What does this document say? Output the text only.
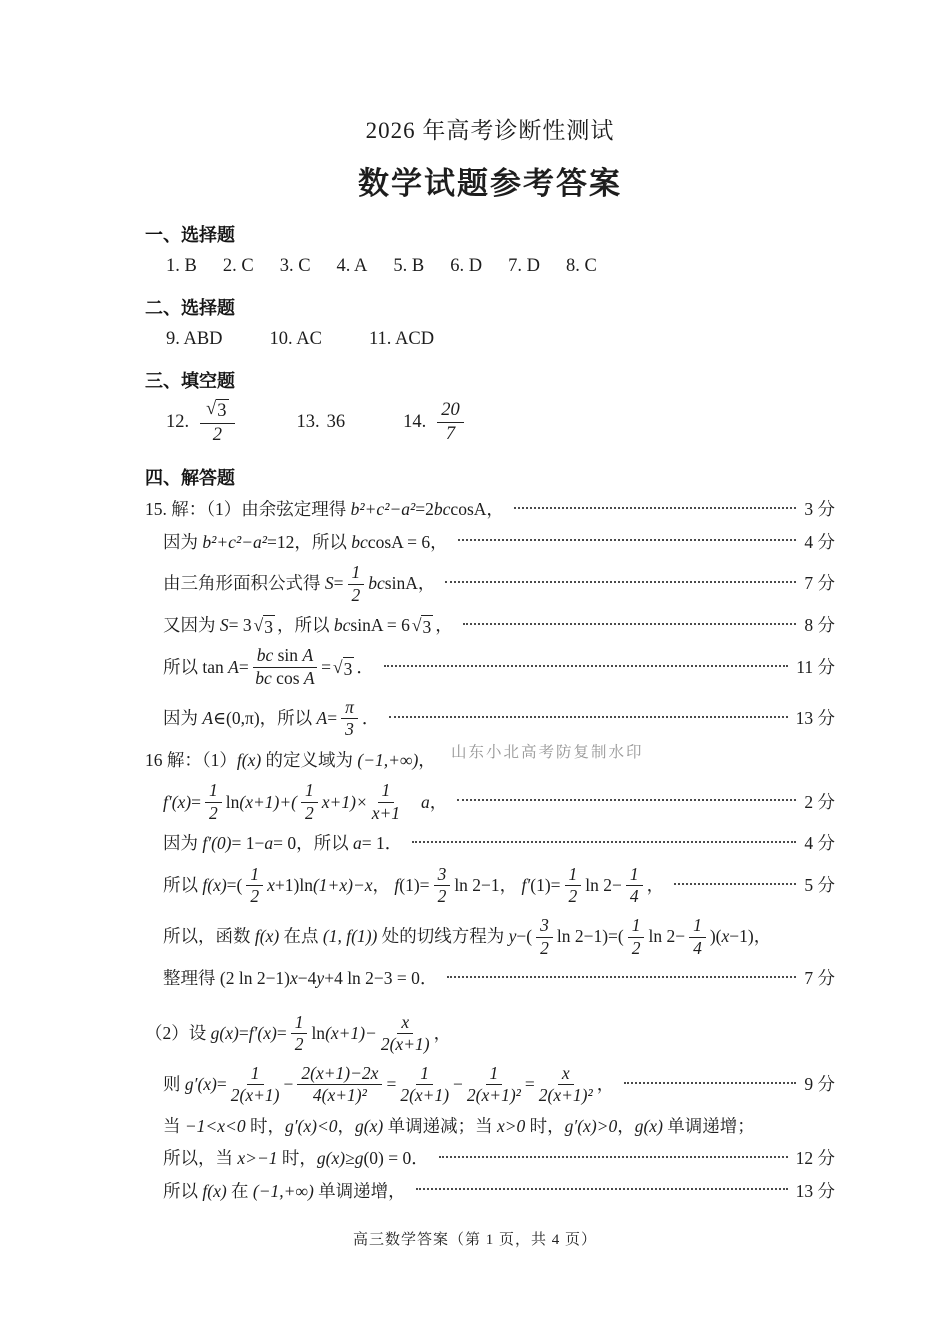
2026 年高考诊断性测试
数学试题参考答案
一、选择题
1. B 2. C 3. C 4. A 5. B 6. D 7. D 8. C
二、选择题
9. ABD	10. AC	11. ACD
三、填空题
12. $\frac{√ 3}{2}$	13. 36	14. $\frac{20}{7}$
四、解答题
15. 解：（1）由余弦定理得 b²+c²−a² =2 bc cosA ，	3 分
因为 b²+c²−a² =12 ，所以 bc cosA = 6 ，	4 分
由三角形面积公式得 $S = \frac{1}{2}$ bc sinA ，	7 分
又因为 S = 3 √ 3 ，所以 bc sinA = 6 √ 3 ，	8 分
所以 $\tan A = \frac{\text{bc sin A}}{\text{bc cos A}}$ = √ 3 ．	11 分
因为 A ∈(0,π) ，所以 $A = \frac{\pi}{3}$ ．	13 分
16 解：（1） f(x) 的定义域为 (−1,+∞) ，
$f'(x) = \frac{1}{2}$ $\ln (x+1)+( \frac{1}{2} x+1)\times \frac{1}{x+1}$ a ，	2 分
因为 f′(0) = 1− a = 0 ，所以 a = 1 ．	4 分
所以 f(x) =( $\frac{1}{2}$ x +1)ln (1+x)−x ， f $(1)= \frac{3}{2}$ ln 2−1 ， f′ $(1)= \frac{1}{2}$ $\ln 2- \frac{1}{4}$ ，	5 分
所以，函数 f(x) 在点 (1, f(1)) 处的切线方程为 y −( $\frac{3}{2}$ $\ln 2-1)=( \frac{1}{2}$ $\ln 2- \frac{1}{4}$ )( x −1) ，
整理得 (2 ln 2−1) x −4 y +4 ln 2−3 = 0 ．	7 分
（2）设 $g(x) = f'(x) = \frac{1}{2}$ $\ln (x+1)- \frac{x}{2(x+1)}$ ，
则 $g'(x) = \frac{1}{2(x+1)} - \frac{2(x+1)-2x}{\text{4(x+1)²}} = \frac{1}{2(x+1)} - \frac{1}{\text{2(x+1)²}} = \frac{x}{\text{2(x+1)²}}$ ，	9 分
当 −1<x<0 时， g′(x)<0 ， g(x) 单调递减；当 x>0 时， g′(x)>0 ， g(x) 单调递增；
所以，当 x>−1 时， g(x) ≥ g (0) = 0 ．	12 分
所以 f(x) 在 (−1,+∞) 单调递增，	13 分
山东小北高考防复制水印
高三数学答案（第 1 页，共 4 页）
